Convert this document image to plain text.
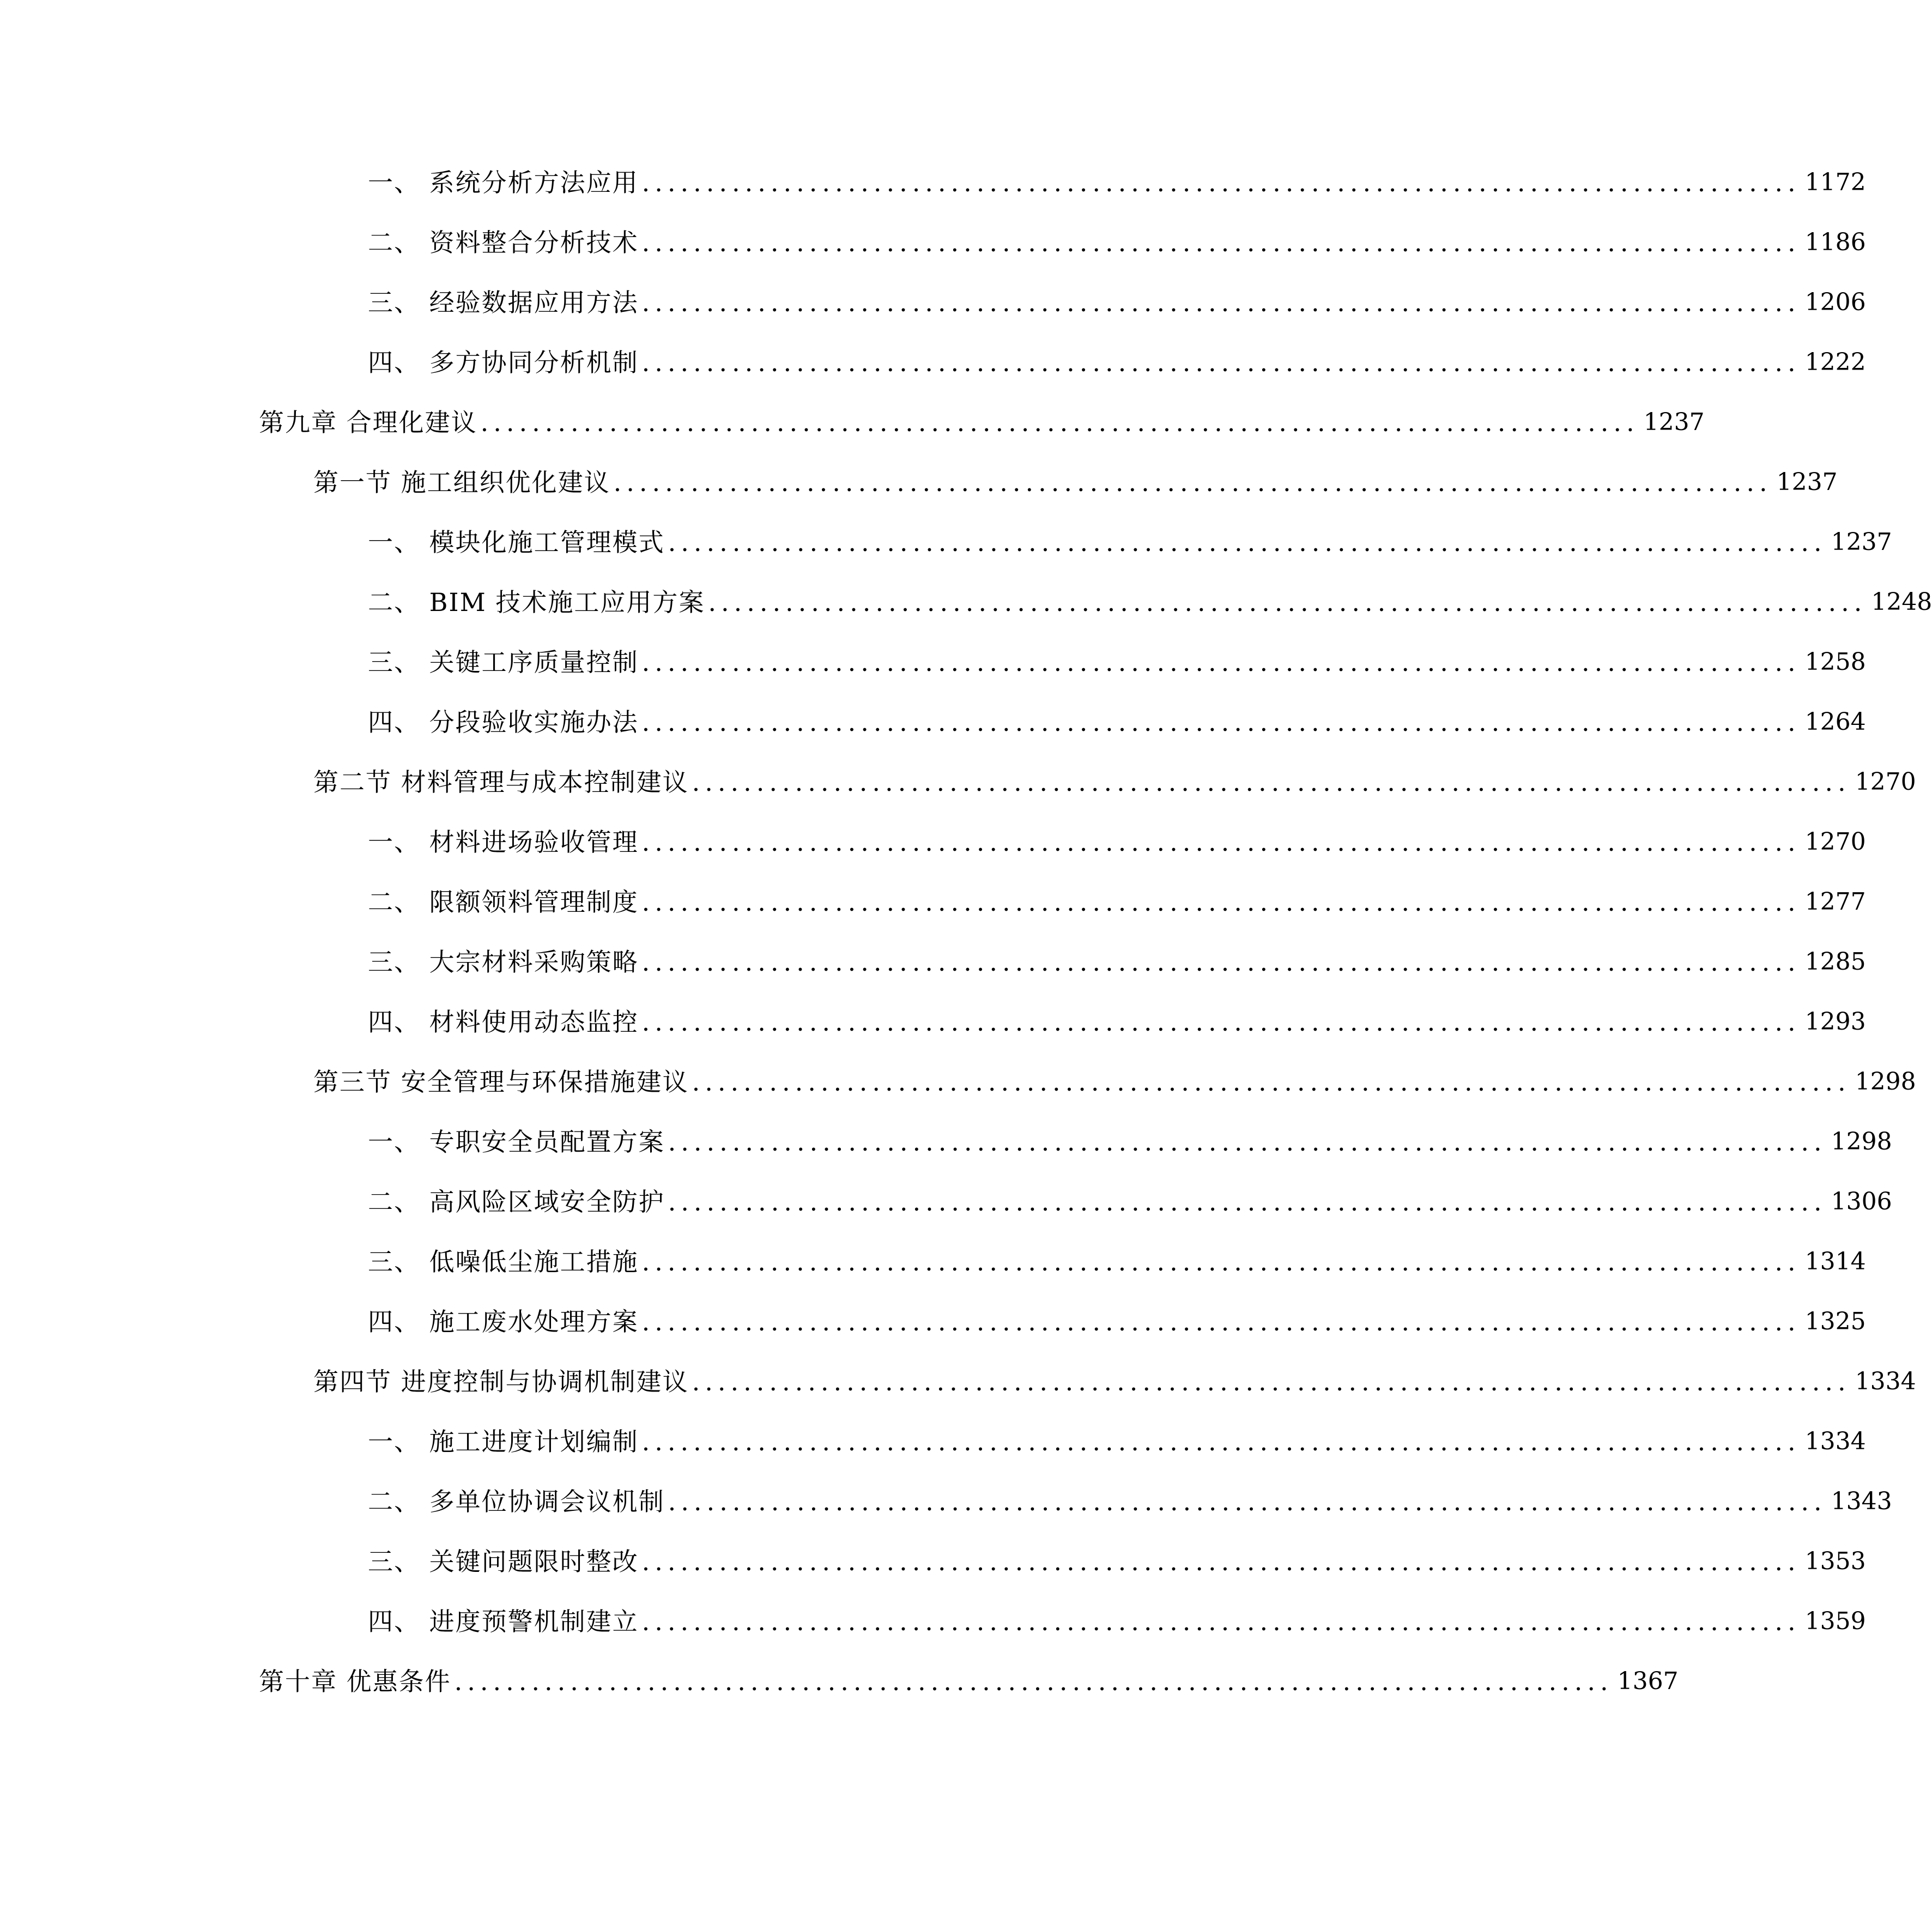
一、 系统分析方法应用 .......................................................................................... 1172
二、 资料整合分析技术 .......................................................................................... 1186
三、 经验数据应用方法 .......................................................................................... 1206
四、 多方协同分析机制 .......................................................................................... 1222
第九章 合理化建议 .......................................................................................... 1237
第一节 施工组织优化建议 .......................................................................................... 1237
一、 模块化施工管理模式 .......................................................................................... 1237
二、 BIM 技术施工应用方案 .......................................................................................... 1248
三、 关键工序质量控制 .......................................................................................... 1258
四、 分段验收实施办法 .......................................................................................... 1264
第二节 材料管理与成本控制建议 .......................................................................................... 1270
一、 材料进场验收管理 .......................................................................................... 1270
二、 限额领料管理制度 .......................................................................................... 1277
三、 大宗材料采购策略 .......................................................................................... 1285
四、 材料使用动态监控 .......................................................................................... 1293
第三节 安全管理与环保措施建议 .......................................................................................... 1298
一、 专职安全员配置方案 .......................................................................................... 1298
二、 高风险区域安全防护 .......................................................................................... 1306
三、 低噪低尘施工措施 .......................................................................................... 1314
四、 施工废水处理方案 .......................................................................................... 1325
第四节 进度控制与协调机制建议 .......................................................................................... 1334
一、 施工进度计划编制 .......................................................................................... 1334
二、 多单位协调会议机制 .......................................................................................... 1343
三、 关键问题限时整改 .......................................................................................... 1353
四、 进度预警机制建立 .......................................................................................... 1359
第十章 优惠条件 .......................................................................................... 1367
